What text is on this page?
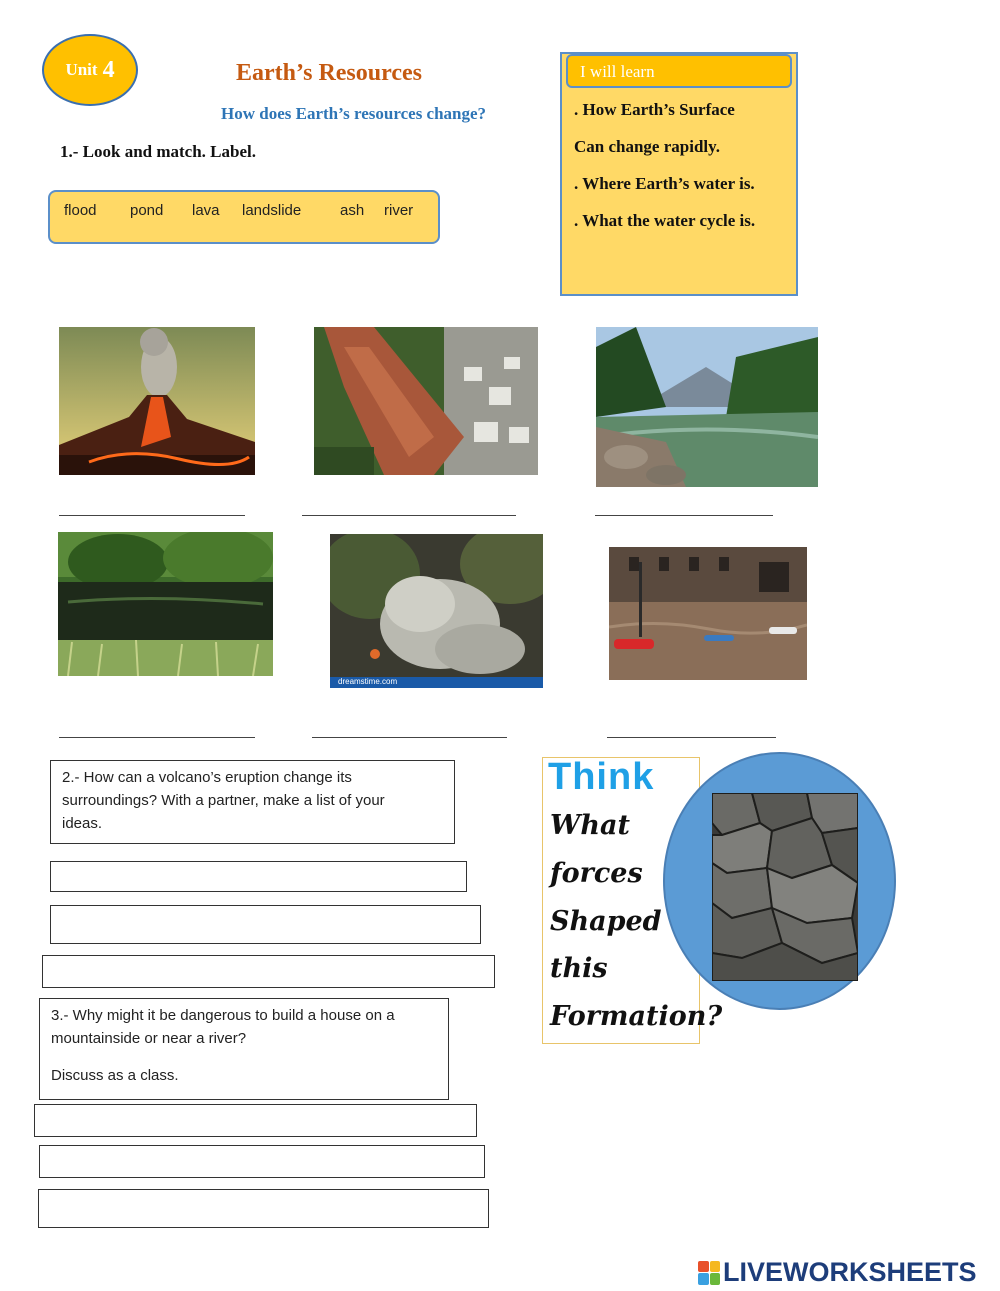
Unit 4	Earth’s Resources
How does Earth’s resources change?
1.- Look and match. Label.
flood pond lava landslide	ash river
I will learn
. How Earth’s Surface
Can change rapidly.
. Where Earth’s water is.
. What the water cycle is.
dreamstime.com
2.- How can a volcano’s eruption change its
surroundings? With a partner, make a list of your
ideas.
3.- Why might it be dangerous to build a house on a
mountainside or near a river?
Discuss as a class.
Think
What
forces
Shaped
this
Formation?
LIVEWORKSHEETS
